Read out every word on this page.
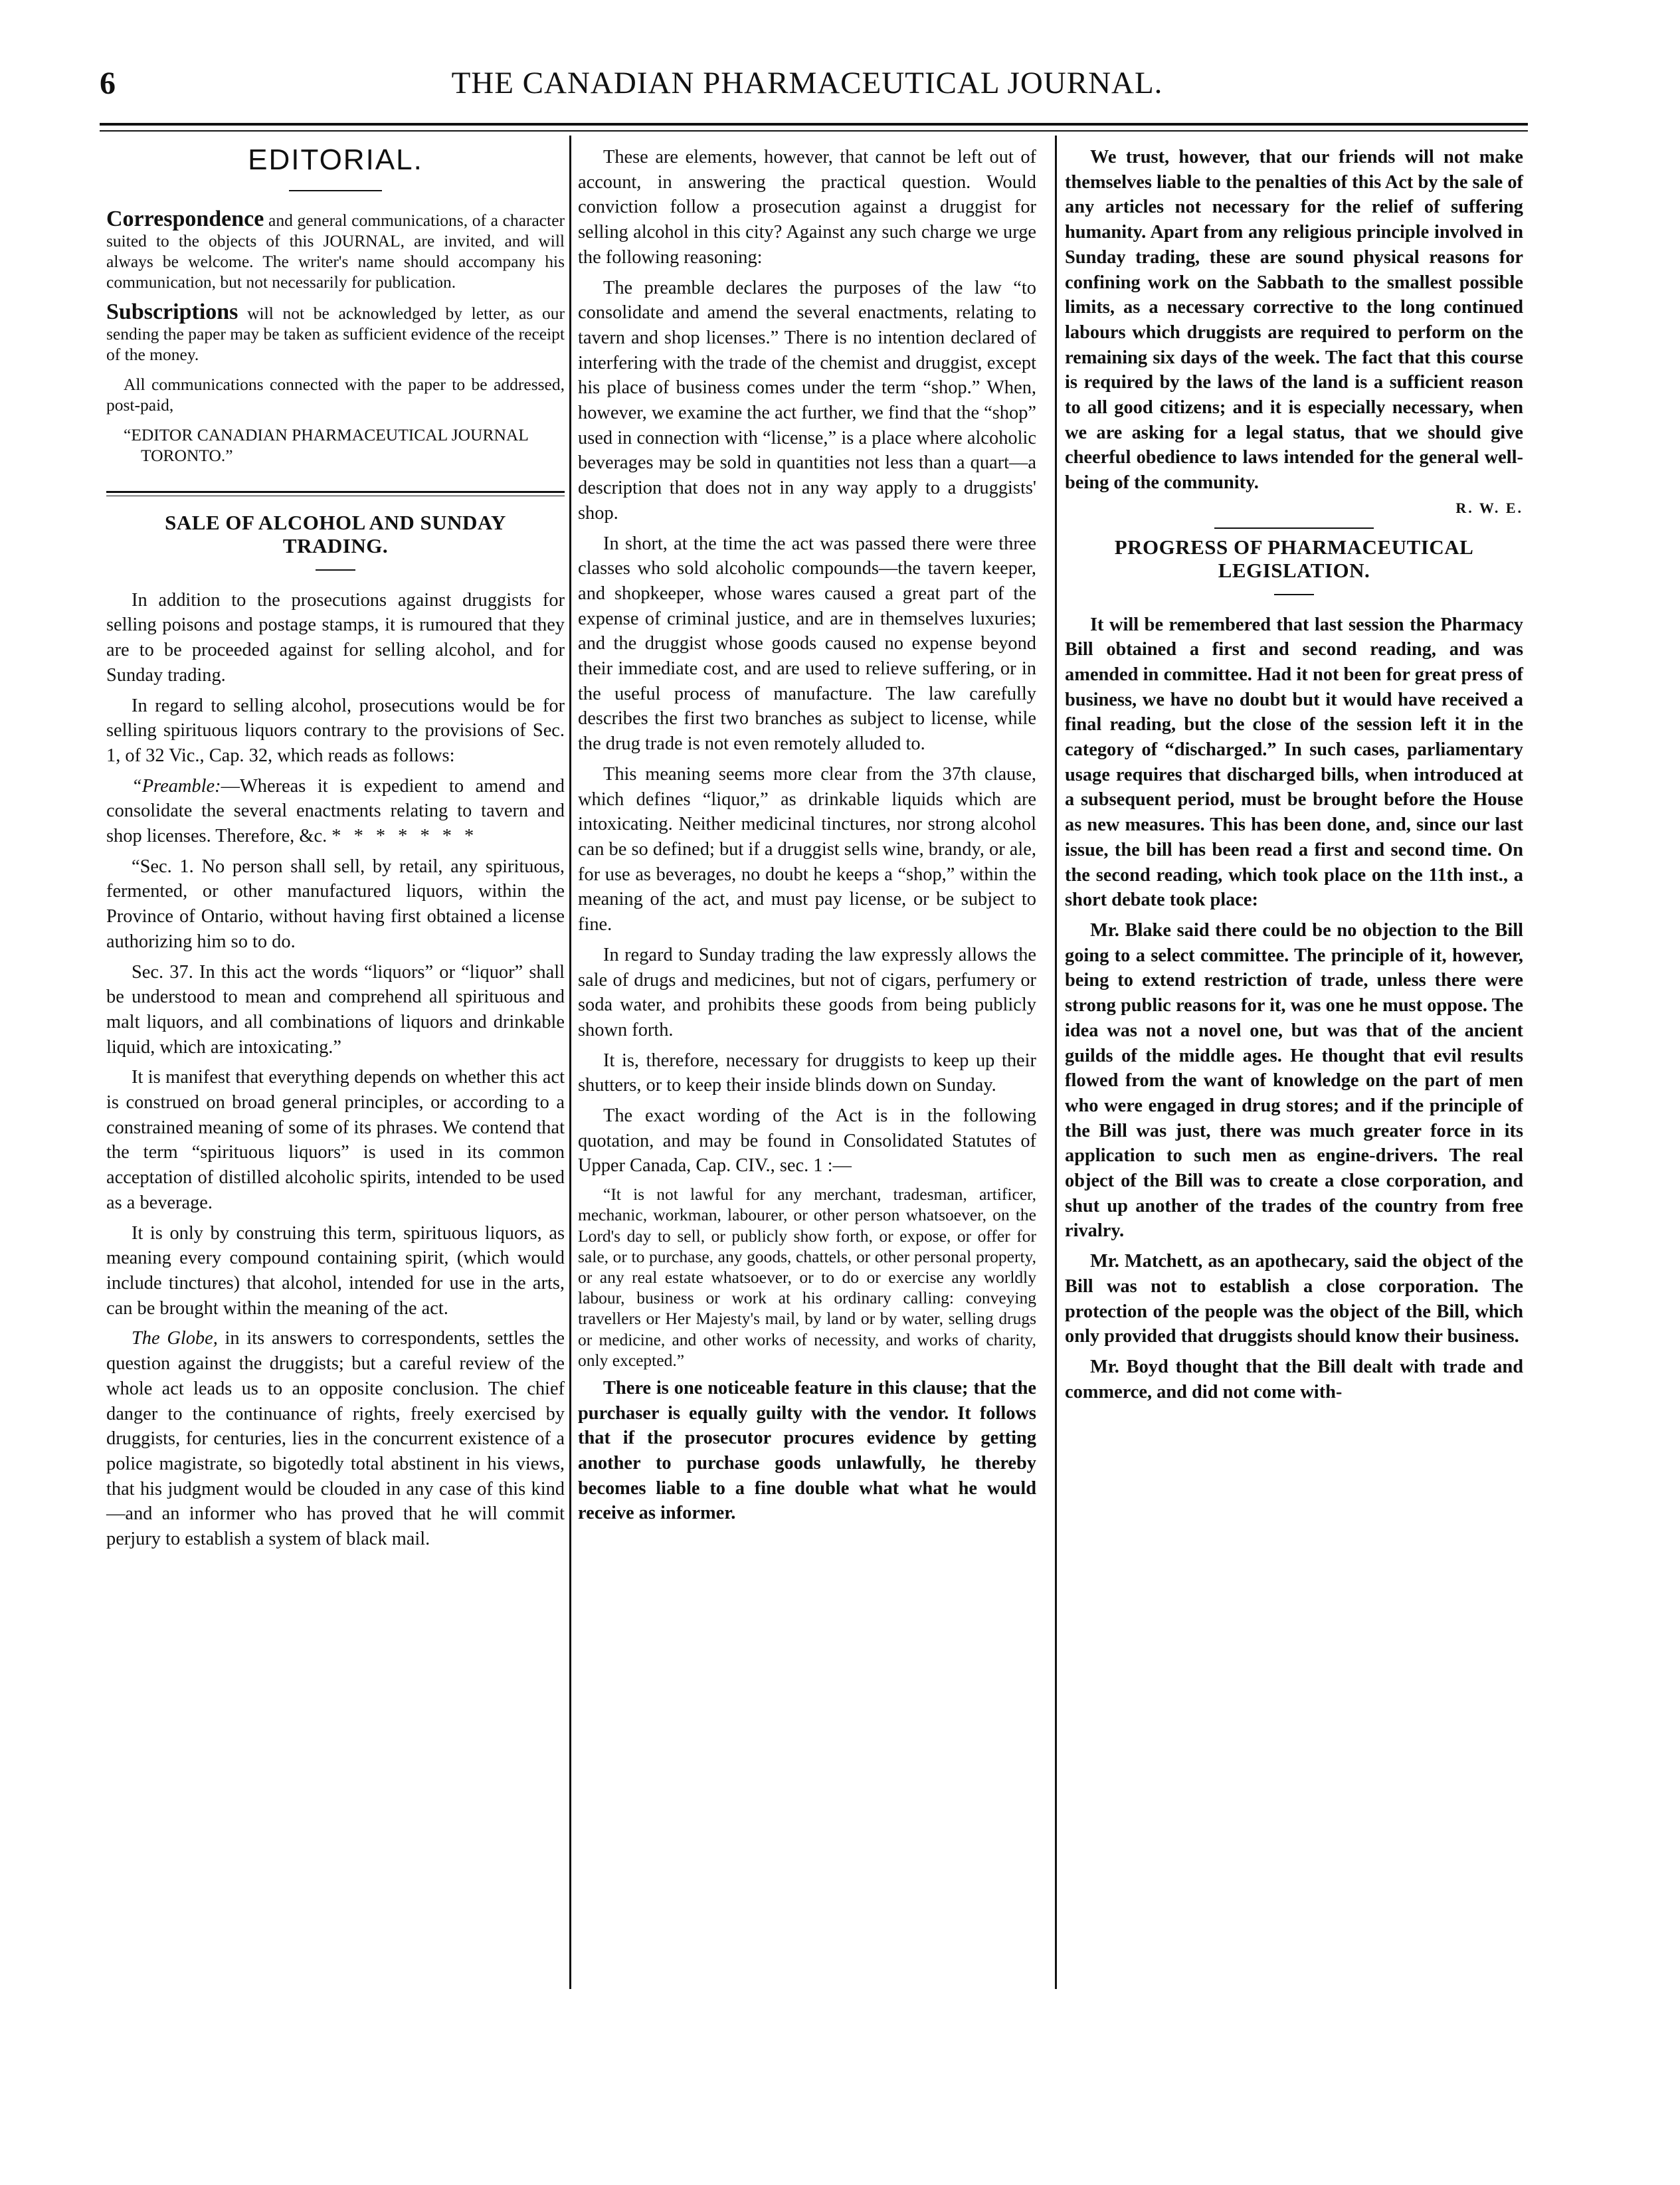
6	THE CANADIAN PHARMACEUTICAL JOURNAL.
EDITORIAL.

Correspondence and general communications, of a character suited to the objects of this JOURNAL, are invited, and will always be welcome. The writer's name should accompany his communication, but not necessarily for publication.

Subscriptions will not be acknowledged by letter, as our sending the paper may be taken as sufficient evidence of the receipt of the money.

All communications connected with the paper to be addressed, post-paid,

“EDITOR CANADIAN PHARMACEUTICAL JOURNAL

TORONTO.”

SALE OF ALCOHOL AND SUNDAY
TRADING.

In addition to the prosecutions against druggists for selling poisons and postage stamps, it is rumoured that they are to be proceeded against for selling alcohol, and for Sunday trading.

In regard to selling alcohol, prosecutions would be for selling spirituous liquors contrary to the provisions of Sec. 1, of 32 Vic., Cap. 32, which reads as follows:

“Preamble:—Whereas it is expedient to amend and consolidate the several enactments relating to tavern and shop licenses. Therefore, &c. * * * * * * *

“Sec. 1. No person shall sell, by retail, any spirituous, fermented, or other manufactured liquors, within the Province of Ontario, without having first obtained a license authorizing him so to do.

Sec. 37. In this act the words “liquors” or “liquor” shall be understood to mean and comprehend all spirituous and malt liquors, and all combinations of liquors and drinkable liquid, which are intoxicating.”

It is manifest that everything depends on whether this act is construed on broad general principles, or according to a constrained meaning of some of its phrases. We contend that the term “spirituous liquors” is used in its common acceptation of distilled alcoholic spirits, intended to be used as a beverage.

It is only by construing this term, spirituous liquors, as meaning every compound containing spirit, (which would include tinctures) that alcohol, intended for use in the arts, can be brought within the meaning of the act.

The Globe, in its answers to correspondents, settles the question against the druggists; but a careful review of the whole act leads us to an opposite conclusion. The chief danger to the continuance of rights, freely exercised by druggists, for centuries, lies in the concurrent existence of a police magistrate, so bigotedly total abstinent in his views, that his judgment would be clouded in any case of this kind—and an informer who has proved that he will commit perjury to establish a system of black mail.

These are elements, however, that cannot be left out of account, in answering the practical question. Would conviction follow a prosecution against a druggist for selling alcohol in this city? Against any such charge we urge the following reasoning:

The preamble declares the purposes of the law “to consolidate and amend the several enactments, relating to tavern and shop licenses.” There is no intention declared of interfering with the trade of the chemist and druggist, except his place of business comes under the term “shop.” When, however, we examine the act further, we find that the “shop” used in connection with “license,” is a place where alcoholic beverages may be sold in quantities not less than a quart—a description that does not in any way apply to a druggists' shop.

In short, at the time the act was passed there were three classes who sold alcoholic compounds—the tavern keeper, and shopkeeper, whose wares caused a great part of the expense of criminal justice, and are in themselves luxuries; and the druggist whose goods caused no expense beyond their immediate cost, and are used to relieve suffering, or in the useful process of manufacture. The law carefully describes the first two branches as subject to license, while the drug trade is not even remotely alluded to.

This meaning seems more clear from the 37th clause, which defines “liquor,” as drinkable liquids which are intoxicating. Neither medicinal tinctures, nor strong alcohol can be so defined; but if a druggist sells wine, brandy, or ale, for use as beverages, no doubt he keeps a “shop,” within the meaning of the act, and must pay license, or be subject to fine.

In regard to Sunday trading the law expressly allows the sale of drugs and medicines, but not of cigars, perfumery or soda water, and prohibits these goods from being publicly shown forth.

It is, therefore, necessary for druggists to keep up their shutters, or to keep their inside blinds down on Sunday.

The exact wording of the Act is in the following quotation, and may be found in Consolidated Statutes of Upper Canada, Cap. CIV., sec. 1 :—

“It is not lawful for any merchant, tradesman, artificer, mechanic, workman, labourer, or other person whatsoever, on the Lord's day to sell, or publicly show forth, or expose, or offer for sale, or to purchase, any goods, chattels, or other personal property, or any real estate whatsoever, or to do or exercise any worldly labour, business or work at his ordinary calling: conveying travellers or Her Majesty's mail, by land or by water, selling drugs or medicine, and other works of necessity, and works of charity, only excepted.”

There is one noticeable feature in this clause; that the purchaser is equally guilty with the vendor. It follows that if the prosecutor procures evidence by getting another to purchase goods unlawfully, he thereby becomes liable to a fine double what what he would receive as informer.

We trust, however, that our friends will not make themselves liable to the penalties of this Act by the sale of any articles not necessary for the relief of suffering humanity. Apart from any religious principle involved in Sunday trading, these are sound physical reasons for confining work on the Sabbath to the smallest possible limits, as a necessary corrective to the long continued labours which druggists are required to perform on the remaining six days of the week. The fact that this course is required by the laws of the land is a sufficient reason to all good citizens; and it is especially necessary, when we are asking for a legal status, that we should give cheerful obedience to laws intended for the general well-being of the community.

R. W. E.
PROGRESS OF PHARMACEUTICAL
LEGISLATION.

It will be remembered that last session the Pharmacy Bill obtained a first and second reading, and was amended in committee. Had it not been for great press of business, we have no doubt but it would have received a final reading, but the close of the session left it in the category of “discharged.” In such cases, parliamentary usage requires that discharged bills, when introduced at a subsequent period, must be brought before the House as new measures. This has been done, and, since our last issue, the bill has been read a first and second time. On the second reading, which took place on the 11th inst., a short debate took place:

Mr. Blake said there could be no objection to the Bill going to a select committee. The principle of it, however, being to extend restriction of trade, unless there were strong public reasons for it, was one he must oppose. The idea was not a novel one, but was that of the ancient guilds of the middle ages. He thought that evil results flowed from the want of knowledge on the part of men who were engaged in drug stores; and if the principle of the Bill was just, there was much greater force in its application to such men as engine-drivers. The real object of the Bill was to create a close corporation, and shut up another of the trades of the country from free rivalry.

Mr. Matchett, as an apothecary, said the object of the Bill was not to establish a close corporation. The protection of the people was the object of the Bill, which only provided that druggists should know their business.

Mr. Boyd thought that the Bill dealt with trade and commerce, and did not come with-
